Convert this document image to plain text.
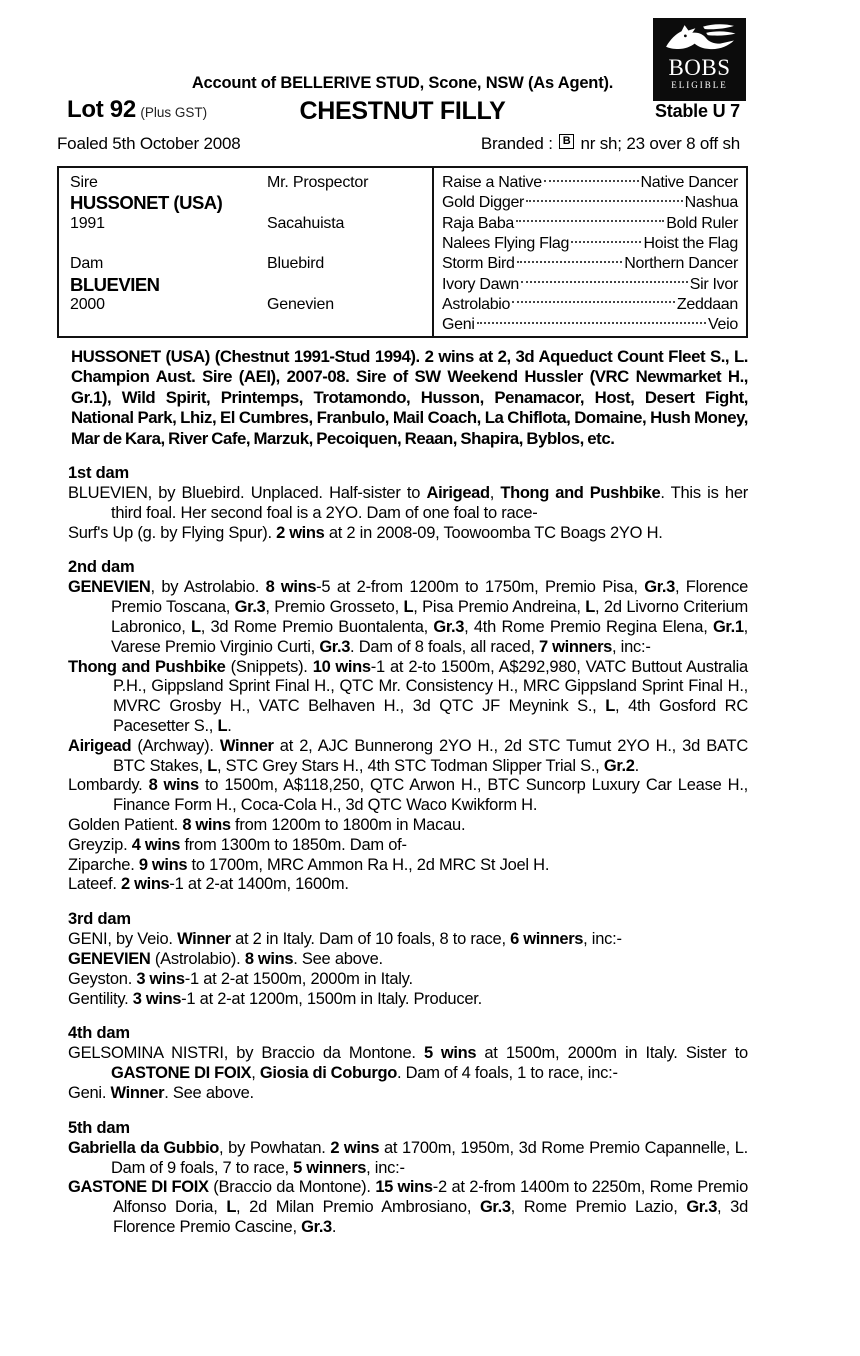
BOBS
ELIGIBLE
Account of BELLERIVE STUD, Scone, NSW (As Agent).
Lot 92 (Plus GST)	CHESTNUT FILLY	Stable U 7
Foaled 5th October 2008	Branded : B nr sh; 23 over 8 off sh
Sire	Mr. Prospector
HUSSONET (USA)
1991	Sacahuista
Dam	Bluebird
BLUEVIEN
2000	Genevien
Raise a Native	Native Dancer
Gold Digger	Nashua
Raja Baba	Bold Ruler
Nalees Flying Flag	Hoist the Flag
Storm Bird	Northern Dancer
Ivory Dawn	Sir Ivor
Astrolabio	Zeddaan
Geni	Veio
HUSSONET (USA) (Chestnut 1991-Stud 1994). 2 wins at 2, 3d Aqueduct Count Fleet S., L. Champion Aust. Sire (AEI), 2007-08. Sire of SW Weekend Hussler (VRC Newmarket H., Gr.1), Wild Spirit, Printemps, Trotamondo, Husson, Penamacor, Host, Desert Fight, National Park, Lhiz, El Cumbres, Franbulo, Mail Coach, La Chiflota, Domaine, Hush Money, Mar de Kara, River Cafe, Marzuk, Pecoiquen, Reaan, Shapira, Byblos, etc.
1st dam

BLUEVIEN, by Bluebird. Unplaced. Half-sister to Airigead, Thong and Pushbike. This is her third foal. Her second foal is a 2YO. Dam of one foal to race-

Surf's Up (g. by Flying Spur). 2 wins at 2 in 2008-09, Toowoomba TC Boags 2YO H.

2nd dam

GENEVIEN, by Astrolabio. 8 wins-5 at 2-from 1200m to 1750m, Premio Pisa, Gr.3, Florence Premio Toscana, Gr.3, Premio Grosseto, L, Pisa Premio Andreina, L, 2d Livorno Criterium Labronico, L, 3d Rome Premio Buontalenta, Gr.3, 4th Rome Premio Regina Elena, Gr.1, Varese Premio Virginio Curti, Gr.3. Dam of 8 foals, all raced, 7 winners, inc:-

Thong and Pushbike (Snippets). 10 wins-1 at 2-to 1500m, A$292,980, VATC Buttout Australia P.H., Gippsland Sprint Final H., QTC Mr. Consistency H., MRC Gippsland Sprint Final H., MVRC Grosby H., VATC Belhaven H., 3d QTC JF Meynink S., L, 4th Gosford RC Pacesetter S., L.

Airigead (Archway). Winner at 2, AJC Bunnerong 2YO H., 2d STC Tumut 2YO H., 3d BATC BTC Stakes, L, STC Grey Stars H., 4th STC Todman Slipper Trial S., Gr.2.

Lombardy. 8 wins to 1500m, A$118,250, QTC Arwon H., BTC Suncorp Luxury Car Lease H., Finance Form H., Coca-Cola H., 3d QTC Waco Kwikform H.

Golden Patient. 8 wins from 1200m to 1800m in Macau.

Greyzip. 4 wins from 1300m to 1850m. Dam of-

Ziparche. 9 wins to 1700m, MRC Ammon Ra H., 2d MRC St Joel H.

Lateef. 2 wins-1 at 2-at 1400m, 1600m.

3rd dam

GENI, by Veio. Winner at 2 in Italy. Dam of 10 foals, 8 to race, 6 winners, inc:-

GENEVIEN (Astrolabio). 8 wins. See above.

Geyston. 3 wins-1 at 2-at 1500m, 2000m in Italy.

Gentility. 3 wins-1 at 2-at 1200m, 1500m in Italy. Producer.

4th dam

GELSOMINA NISTRI, by Braccio da Montone. 5 wins at 1500m, 2000m in Italy. Sister to GASTONE DI FOIX, Giosia di Coburgo. Dam of 4 foals, 1 to race, inc:-

Geni. Winner. See above.

5th dam

Gabriella da Gubbio, by Powhatan. 2 wins at 1700m, 1950m, 3d Rome Premio Capannelle, L. Dam of 9 foals, 7 to race, 5 winners, inc:-

GASTONE DI FOIX (Braccio da Montone). 15 wins-2 at 2-from 1400m to 2250m, Rome Premio Alfonso Doria, L, 2d Milan Premio Ambrosiano, Gr.3, Rome Premio Lazio, Gr.3, 3d Florence Premio Cascine, Gr.3.
